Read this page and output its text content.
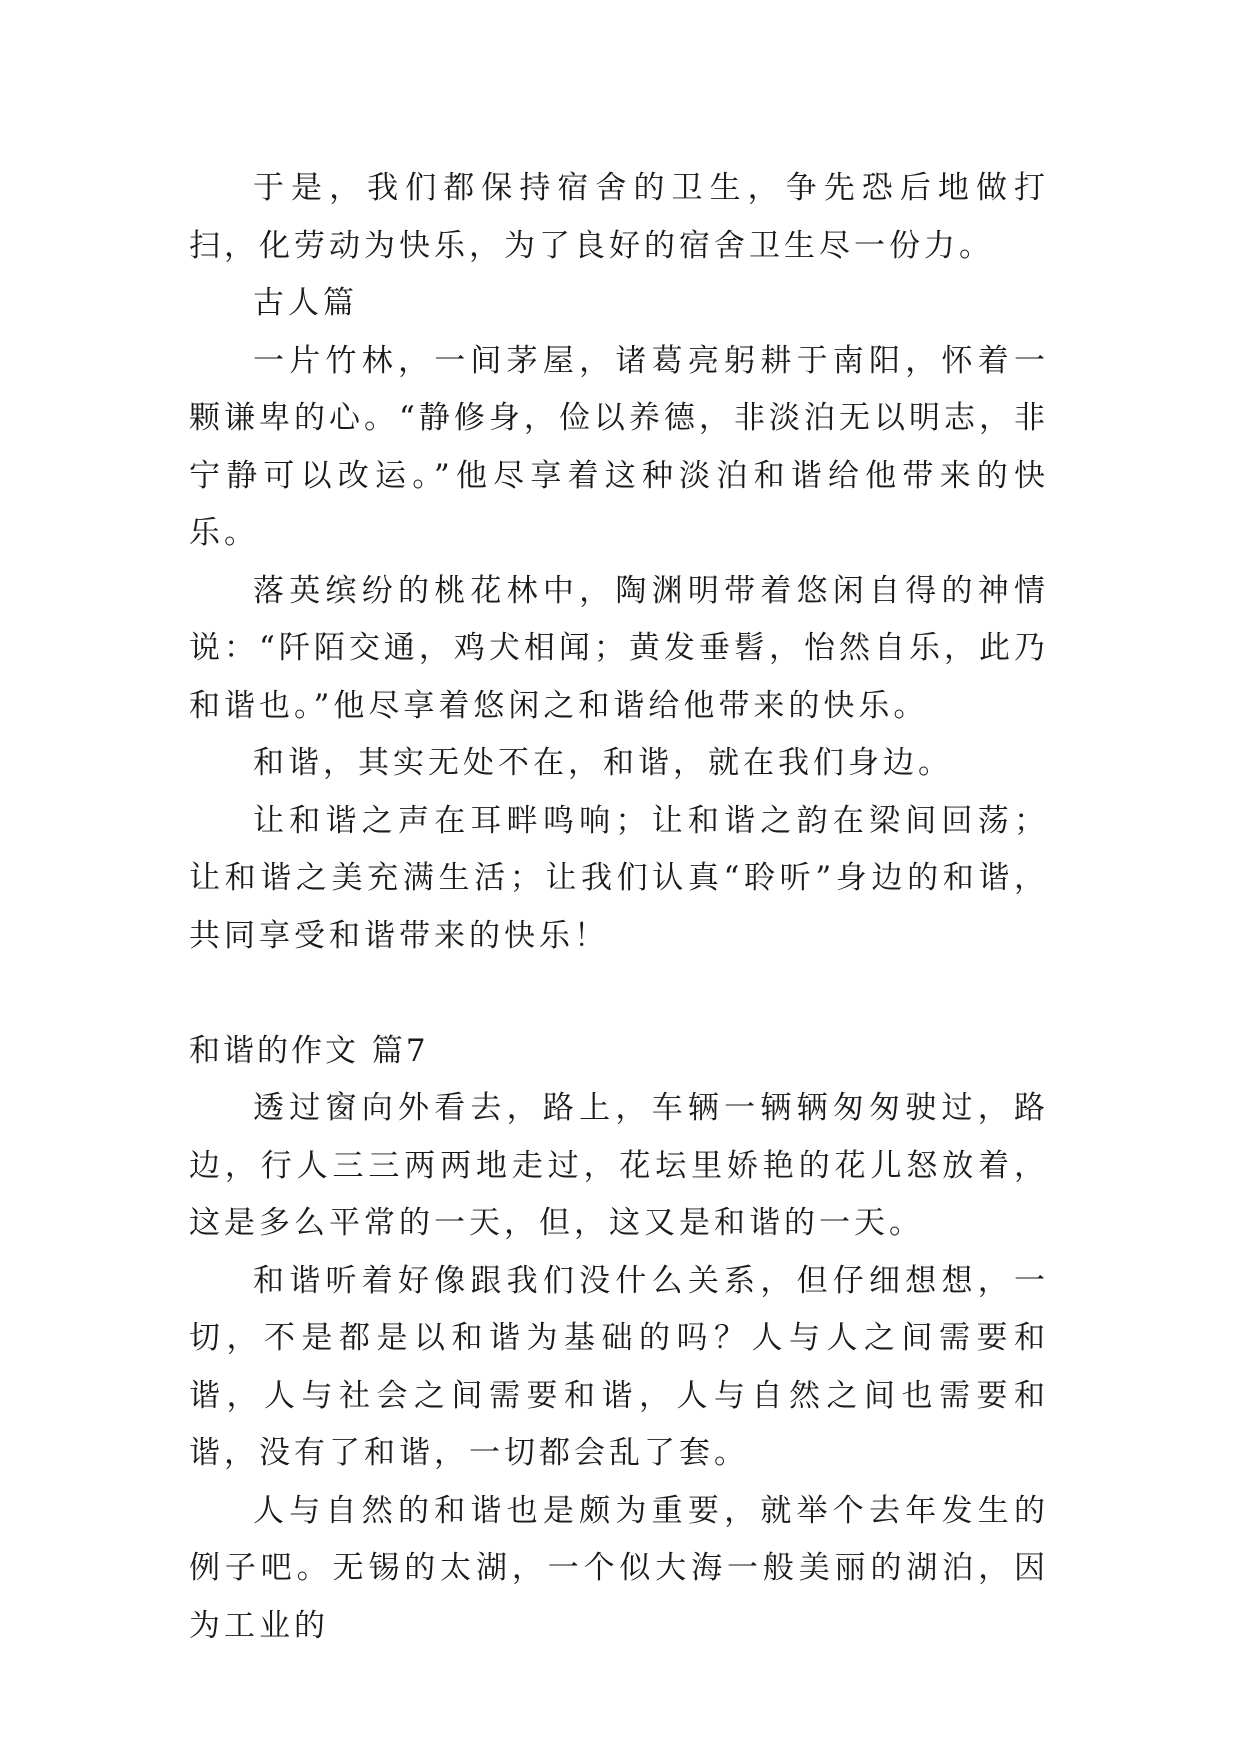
于是，我们都保持宿舍的卫生，争先恐后地做打扫，化劳动为快乐，为了良好的宿舍卫生尽一份力。

古人篇

一片竹林，一间茅屋，诸葛亮躬耕于南阳，怀着一颗谦卑的心。“静修身，俭以养德，非淡泊无以明志，非宁静可以改运。”他尽享着这种淡泊和谐给他带来的快乐。

落英缤纷的桃花林中，陶渊明带着悠闲自得的神情说：“阡陌交通，鸡犬相闻；黄发垂髫，怡然自乐，此乃和谐也。”他尽享着悠闲之和谐给他带来的快乐。

和谐，其实无处不在，和谐，就在我们身边。

让和谐之声在耳畔鸣响；让和谐之韵在梁间回荡；让和谐之美充满生活；让我们认真“聆听”身边的和谐，共同享受和谐带来的快乐！

和谐的作文 篇7

透过窗向外看去，路上，车辆一辆辆匆匆驶过，路边，行人三三两两地走过，花坛里娇艳的花儿怒放着，这是多么平常的一天，但，这又是和谐的一天。

和谐听着好像跟我们没什么关系，但仔细想想，一切，不是都是以和谐为基础的吗？人与人之间需要和谐，人与社会之间需要和谐，人与自然之间也需要和谐，没有了和谐，一切都会乱了套。

人与自然的和谐也是颇为重要，就举个去年发生的例子吧。无锡的太湖，一个似大海一般美丽的湖泊，因为工业的
